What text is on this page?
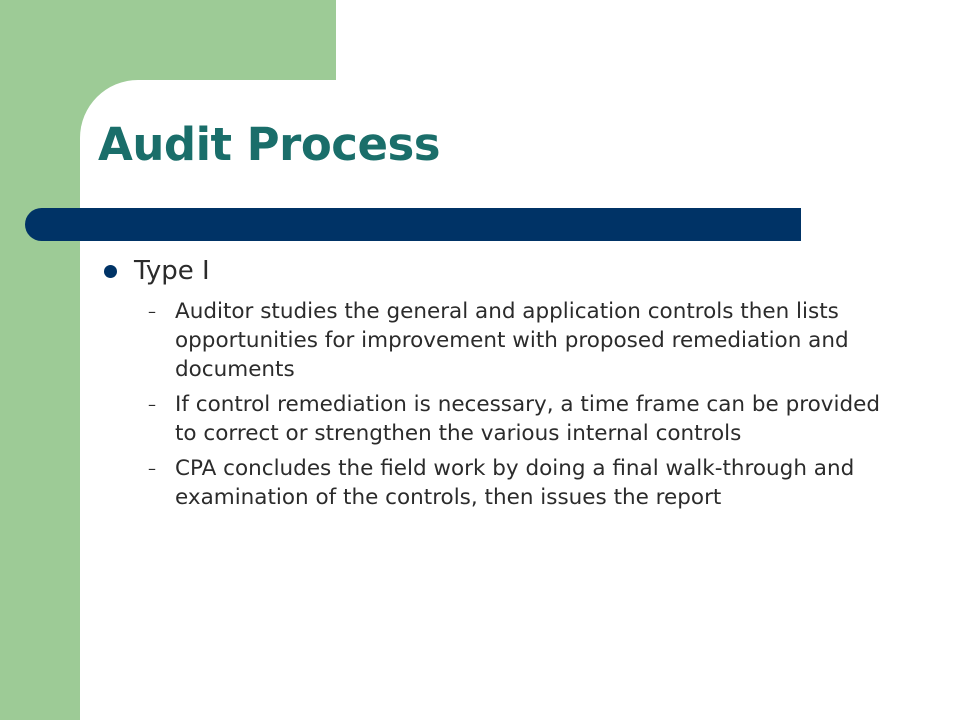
Audit Process
Type I
– Auditor studies the general and application controls then lists opportunities for improvement with proposed remediation and documents
– If control remediation is necessary, a time frame can be provided to correct or strengthen the various internal controls
– CPA concludes the field work by doing a final walk-through and examination of the controls, then issues the report
